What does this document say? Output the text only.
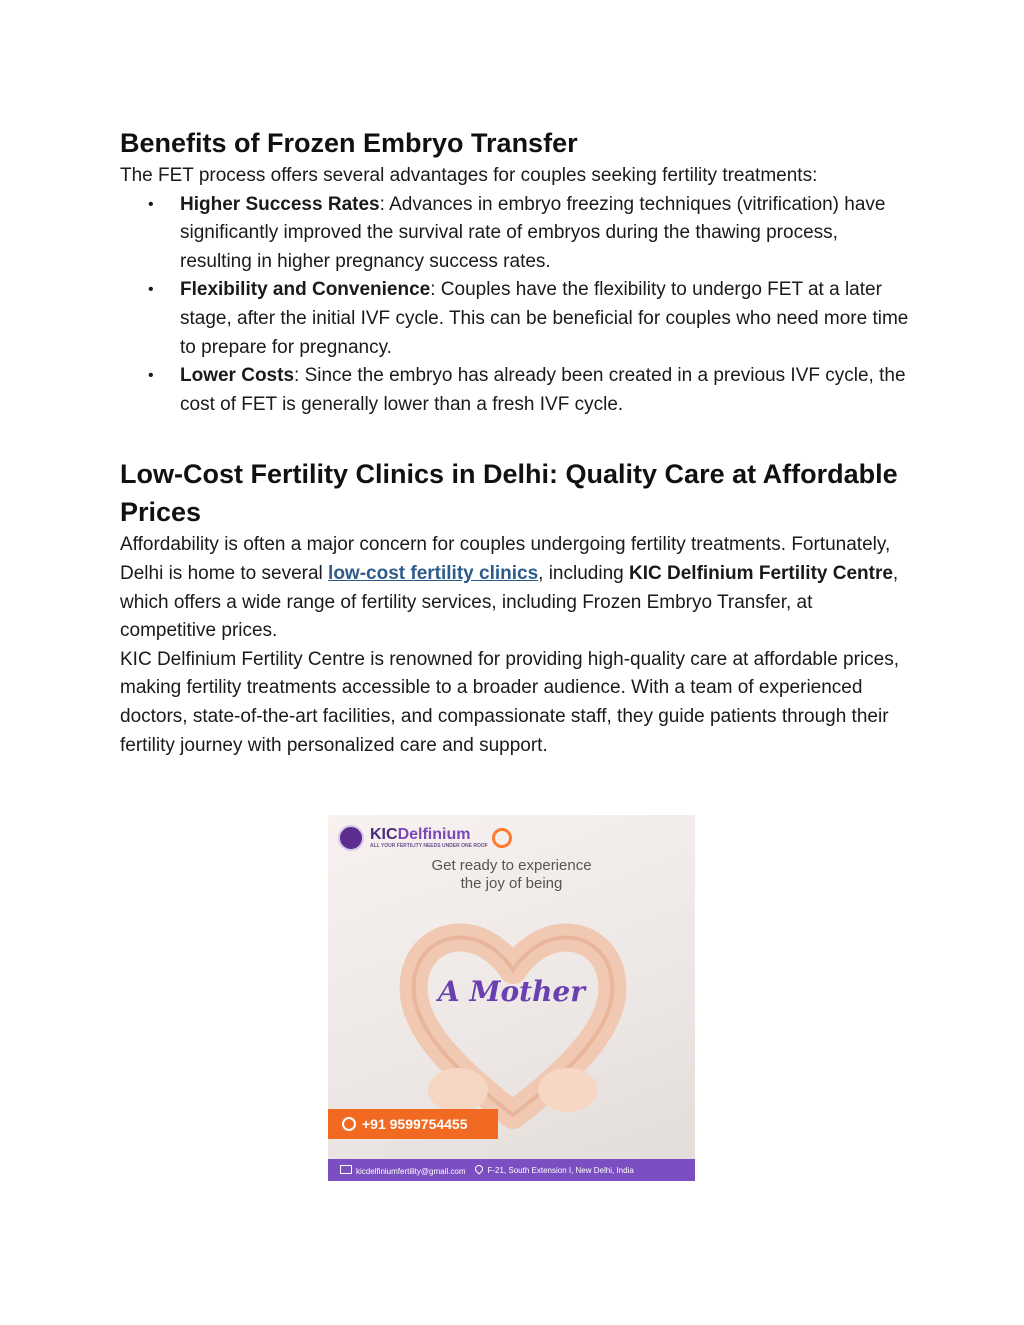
Benefits of Frozen Embryo Transfer

The FET process offers several advantages for couples seeking fertility treatments:

• Higher Success Rates: Advances in embryo freezing techniques (vitrification) have significantly improved the survival rate of embryos during the thawing process, resulting in higher pregnancy success rates.
• Flexibility and Convenience: Couples have the flexibility to undergo FET at a later stage, after the initial IVF cycle. This can be beneficial for couples who need more time to prepare for pregnancy.
• Lower Costs: Since the embryo has already been created in a previous IVF cycle, the cost of FET is generally lower than a fresh IVF cycle.
Low-Cost Fertility Clinics in Delhi: Quality Care at Affordable Prices

Affordability is often a major concern for couples undergoing fertility treatments. Fortunately, Delhi is home to several low-cost fertility clinics, including KIC Delfinium Fertility Centre, which offers a wide range of fertility services, including Frozen Embryo Transfer, at competitive prices.

KIC Delfinium Fertility Centre is renowned for providing high-quality care at affordable prices, making fertility treatments accessible to a broader audience. With a team of experienced doctors, state-of-the-art facilities, and compassionate staff, they guide patients through their fertility journey with personalized care and support.

KICDelfinium
ALL YOUR FERTILITY NEEDS UNDER ONE ROOF
Get ready to experience
the joy of being
A Mother
+91 9599754455
kicdelfiniumfertility@gmail.com	F-21, South Extension I, New Delhi, India
